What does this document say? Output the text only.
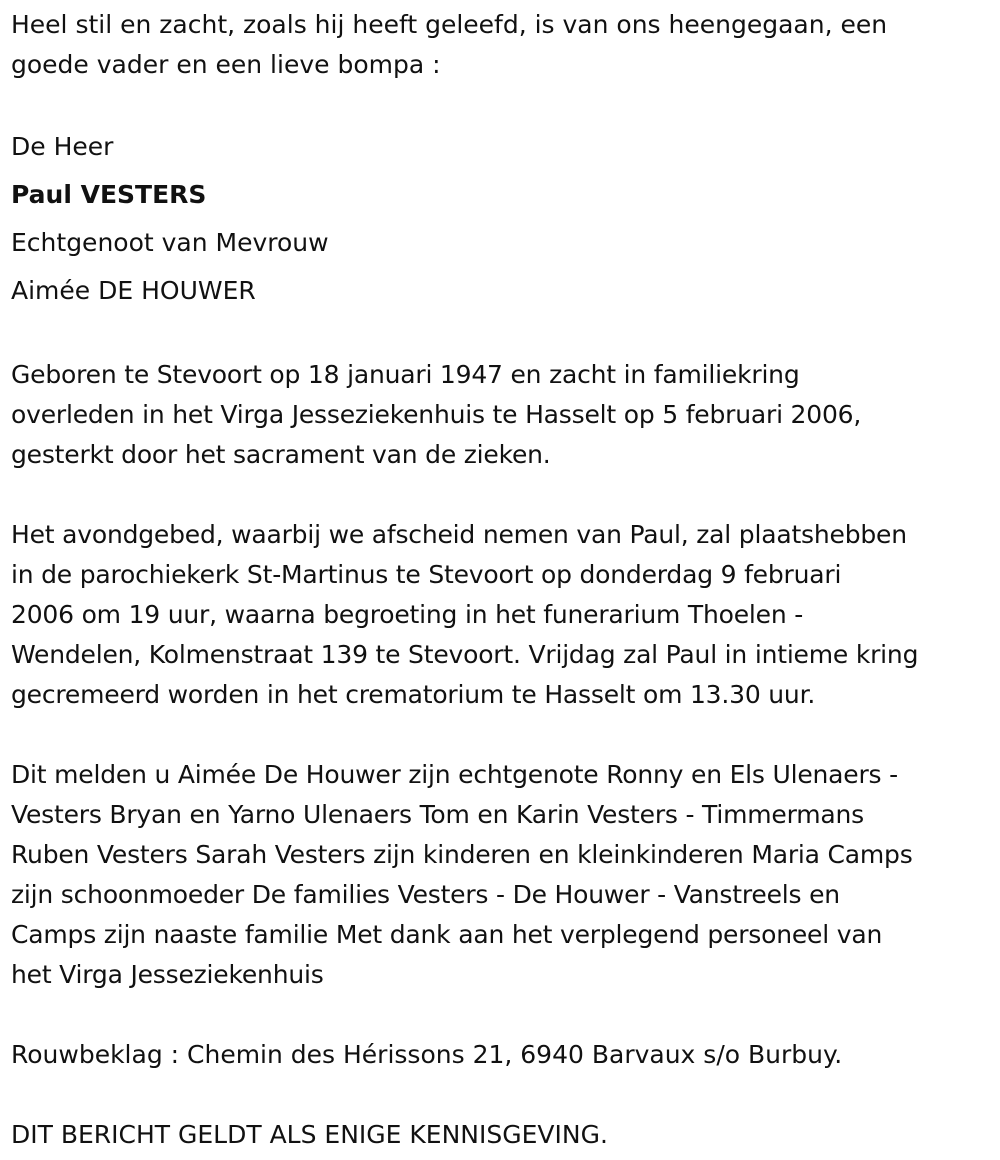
Heel stil en zacht, zoals hij heeft geleefd, is van ons heengegaan, een
goede vader en een lieve bompa :
De Heer
Paul VESTERS
Echtgenoot van Mevrouw
Aimée DE HOUWER
Geboren te Stevoort op 18 januari 1947 en zacht in familiekring
overleden in het Virga Jesseziekenhuis te Hasselt op 5 februari 2006,
gesterkt door het sacrament van de zieken.
Het avondgebed, waarbij we afscheid nemen van Paul, zal plaatshebben
in de parochiekerk St-Martinus te Stevoort op donderdag 9 februari
2006 om 19 uur, waarna begroeting in het funerarium Thoelen -
Wendelen, Kolmenstraat 139 te Stevoort. Vrijdag zal Paul in intieme kring
gecremeerd worden in het crematorium te Hasselt om 13.30 uur.
Dit melden u Aimée De Houwer zijn echtgenote Ronny en Els Ulenaers -
Vesters Bryan en Yarno Ulenaers Tom en Karin Vesters - Timmermans
Ruben Vesters Sarah Vesters zijn kinderen en kleinkinderen Maria Camps
zijn schoonmoeder De families Vesters - De Houwer - Vanstreels en
Camps zijn naaste familie Met dank aan het verplegend personeel van
het Virga Jesseziekenhuis
Rouwbeklag : Chemin des Hérissons 21, 6940 Barvaux s/o Burbuy.
DIT BERICHT GELDT ALS ENIGE KENNISGEVING.
